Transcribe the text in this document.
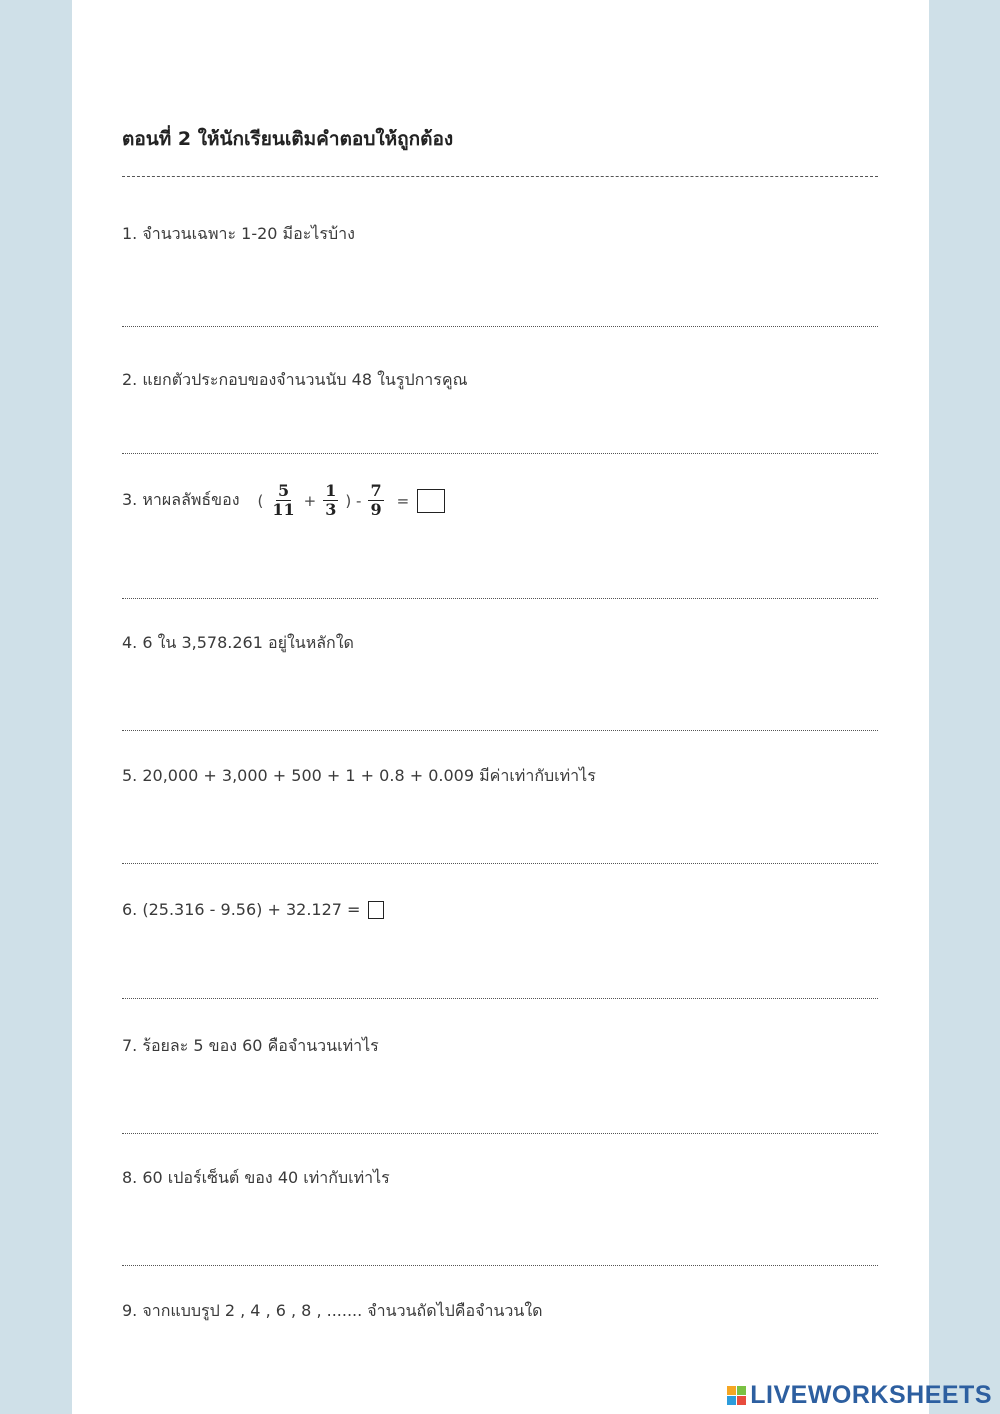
ตอนที่ 2 ให้นักเรียนเติมคำตอบให้ถูกต้อง
1. จำนวนเฉพาะ 1-20 มีอะไรบ้าง
2. แยกตัวประกอบของจำนวนนับ 48 ในรูปการคูณ
3. หาผลลัพธ์ของ ( $\frac{5}{11} + \frac{1}{3}$ ) - $\frac{7}{9}$ =
4. 6 ใน 3,578.261 อยู่ในหลักใด
5. 20,000 + 3,000 + 500 + 1 + 0.8 + 0.009 มีค่าเท่ากับเท่าไร
6. (25.316 - 9.56) + 32.127 =
7. ร้อยละ 5 ของ 60 คือจำนวนเท่าไร
8. 60 เปอร์เซ็นต์ ของ 40 เท่ากับเท่าไร
9. จากแบบรูป 2 , 4 , 6 , 8 , ....... จำนวนถัดไปคือจำนวนใด
LIVEWORKSHEETS
